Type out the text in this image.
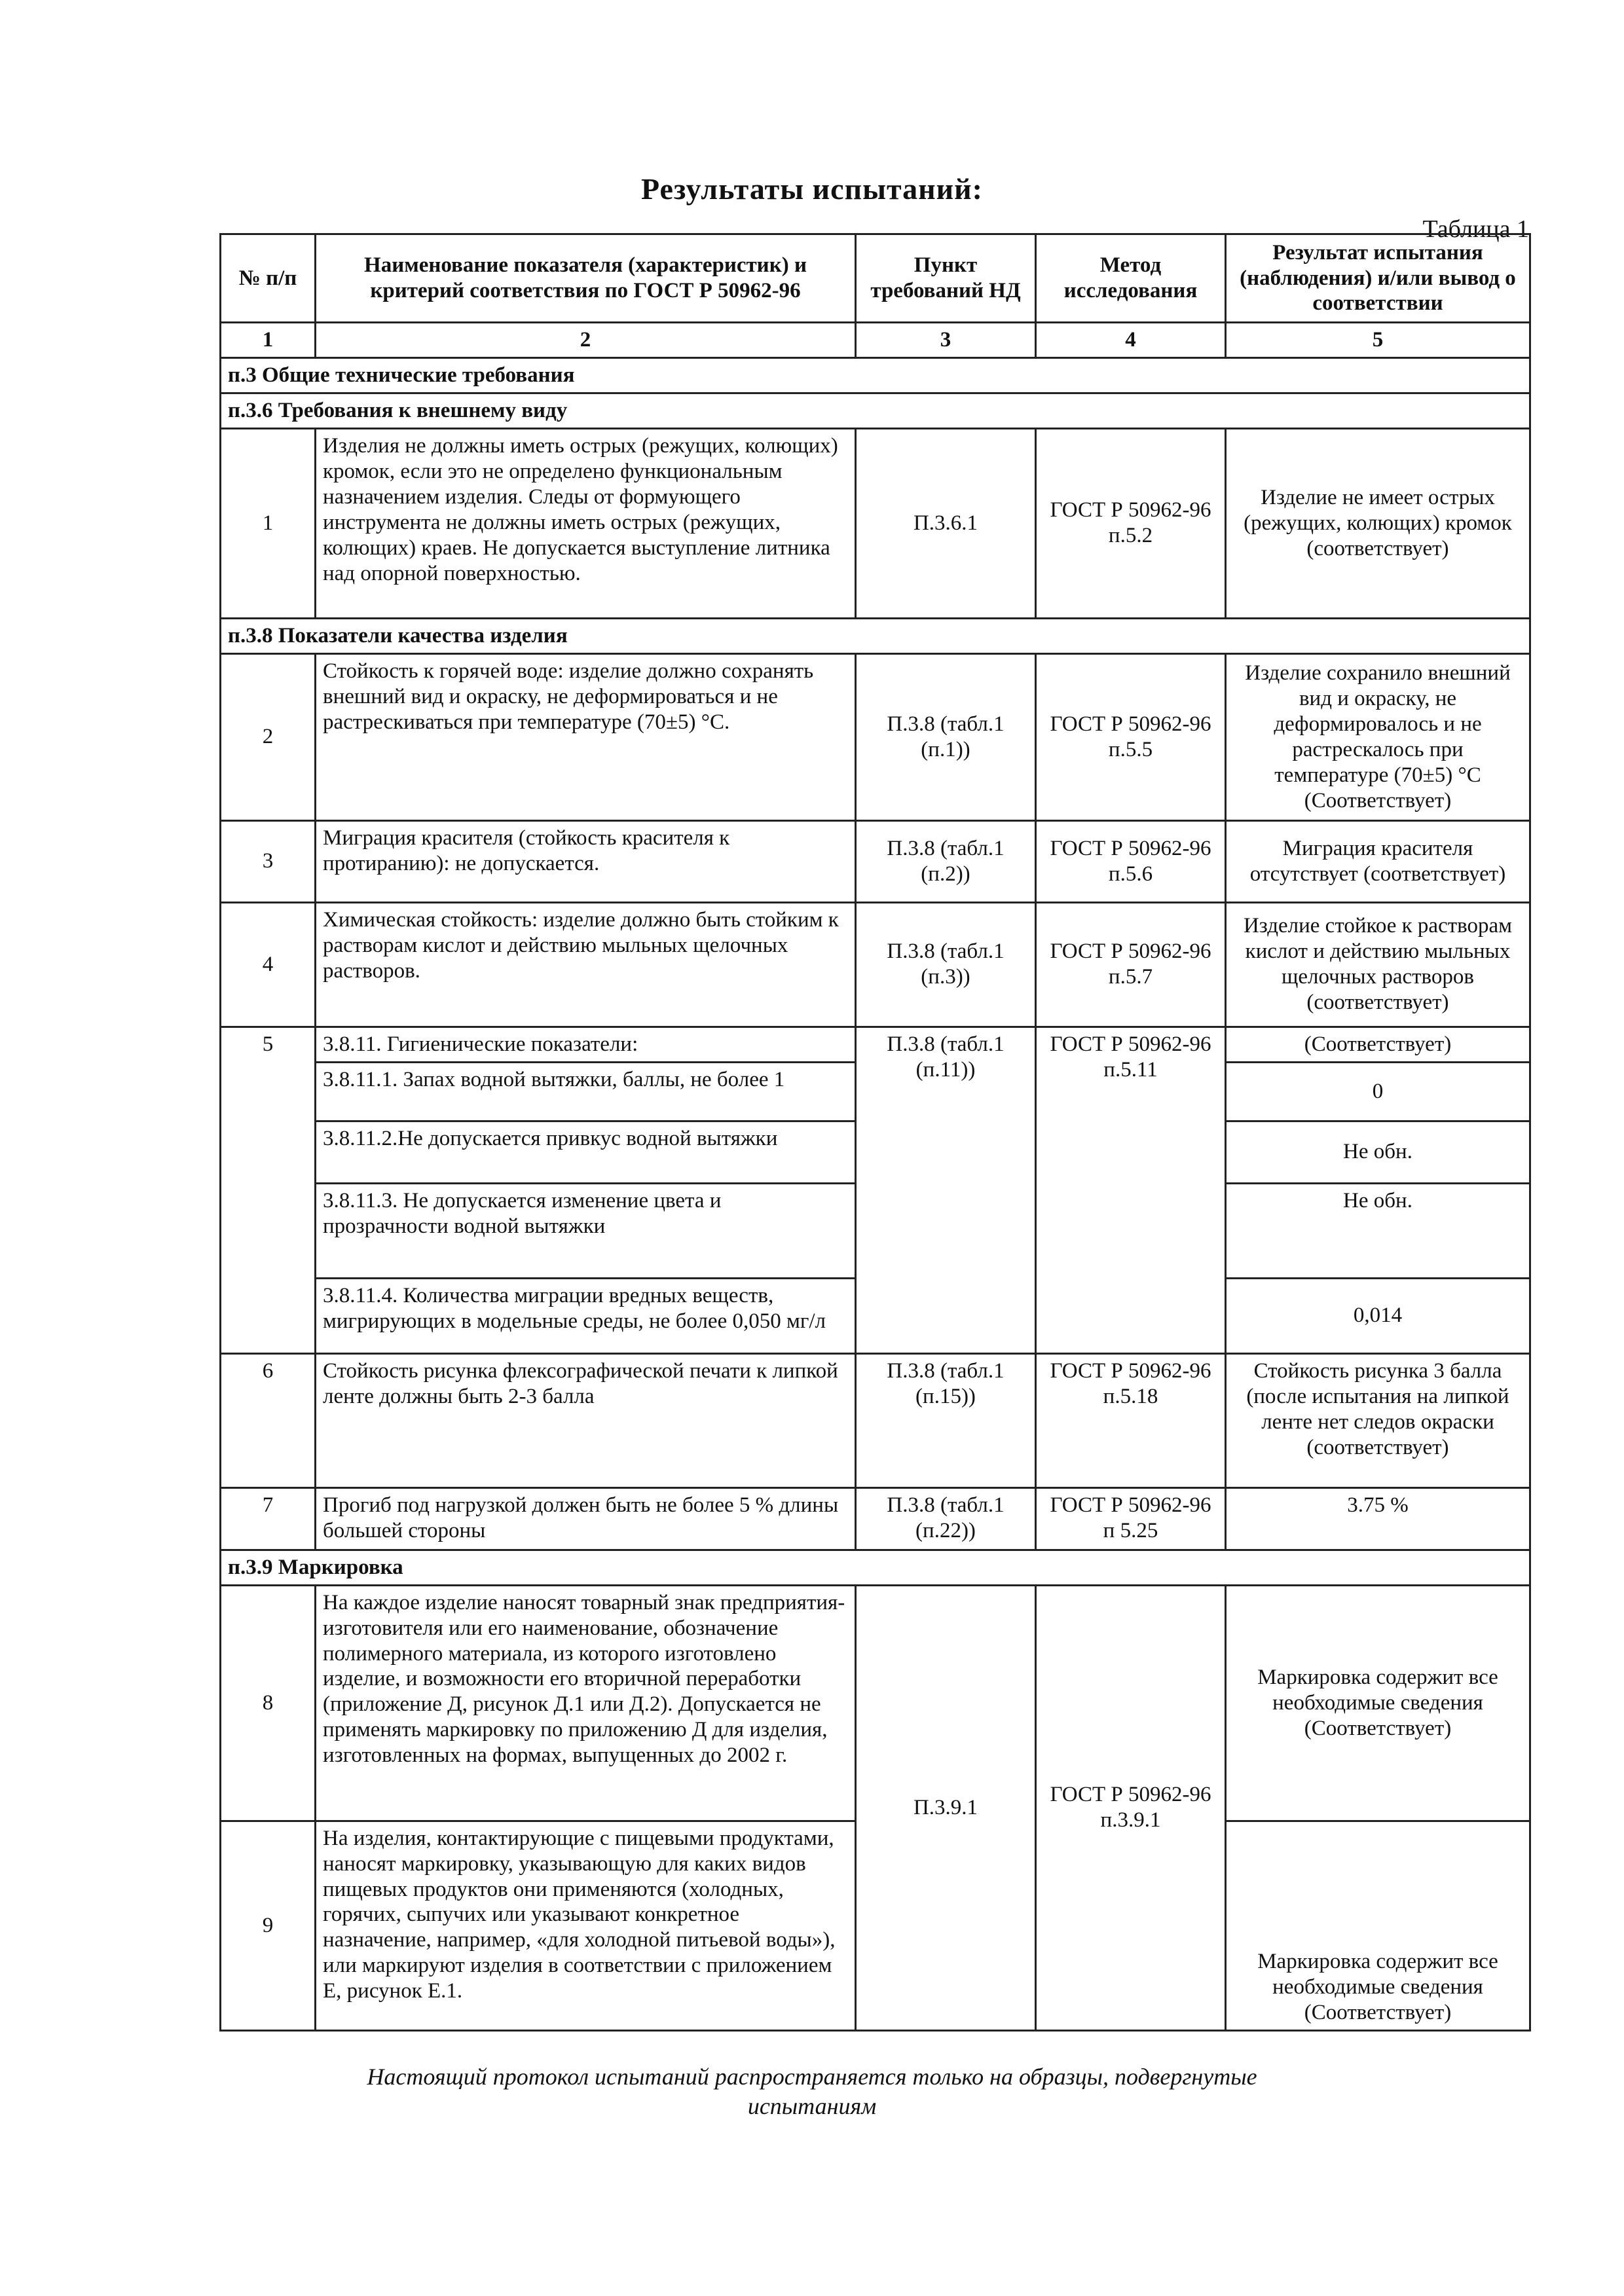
Результаты испытаний:
Таблица 1
№ п/п	Наименование показателя (характеристик) и критерий соответствия по ГОСТ Р 50962-96	Пункт требований НД	Метод исследования	Результат испытания (наблюдения) и/или вывод о соответствии
1	2	3	4	5
п.3 Общие технические требования				
п.3.6 Требования к внешнему виду				
1	Изделия не должны иметь острых (режущих, колющих) кромок, если это не определено функциональным назначением изделия. Следы от формующего инструмента не должны иметь острых (режущих, колющих) краев. Не допускается выступление литника над опорной поверхностью.	П.3.6.1	ГОСТ Р 50962-96 п.5.2	Изделие не имеет острых (режущих, колющих) кромок (соответствует)
п.3.8 Показатели качества изделия				
2	Стойкость к горячей воде: изделие должно сохранять внешний вид и окраску, не деформироваться и не растрескиваться при температуре (70±5) °С.	П.3.8 (табл.1 (п.1))	ГОСТ Р 50962-96 п.5.5	Изделие сохранило внешний вид и окраску, не деформировалось и не растрескалось при температуре (70±5) °С (Соответствует)
3	Миграция красителя (стойкость красителя к протиранию): не допускается.	П.3.8 (табл.1 (п.2))	ГОСТ Р 50962-96 п.5.6	Миграция красителя отсутствует (соответствует)
4	Химическая стойкость: изделие должно быть стойким к растворам кислот и действию мыльных щелочных растворов.	П.3.8 (табл.1 (п.3))	ГОСТ Р 50962-96 п.5.7	Изделие стойкое к растворам кислот и действию мыльных щелочных растворов (соответствует)
5	3.8.11. Гигиенические показатели:	П.3.8 (табл.1 (п.11))	ГОСТ Р 50962-96 п.5.11	(Соответствует)
	3.8.11.1. Запах водной вытяжки, баллы, не более 1			0
	3.8.11.2.Не допускается привкус водной вытяжки			Не обн.
	3.8.11.3. Не допускается изменение цвета и прозрачности водной вытяжки			Не обн.
	3.8.11.4. Количества миграции вредных веществ, мигрирующих в модельные среды, не более 0,050 мг/л			0,014
6	Стойкость рисунка флексографической печати к липкой ленте должны быть 2-3 балла	П.3.8 (табл.1 (п.15))	ГОСТ Р 50962-96 п.5.18	Стойкость рисунка 3 балла (после испытания на липкой ленте нет следов окраски (соответствует)
7	Прогиб под нагрузкой должен быть не более 5 % длины большей стороны	П.3.8 (табл.1 (п.22))	ГОСТ Р 50962-96 п 5.25	3.75 %
п.3.9 Маркировка				
8	На каждое изделие наносят товарный знак предприятия-изготовителя или его наименование, обозначение полимерного материала, из которого изготовлено изделие, и возможности его вторичной переработки (приложение Д, рисунок Д.1 или Д.2). Допускается не применять маркировку по приложению Д для изделия, изготовленных на формах, выпущенных до 2002 г.	П.3.9.1	ГОСТ Р 50962-96 п.3.9.1	Маркировка содержит все необходимые сведения (Соответствует)
9	На изделия, контактирующие с пищевыми продуктами, наносят маркировку, указывающую для каких видов пищевых продуктов они применяются (холодных, горячих, сыпучих или указывают конкретное назначение, например, «для холодной питьевой воды»), или маркируют изделия в соответствии с приложением Е, рисунок Е.1.			Маркировка содержит все необходимые сведения (Соответствует)
Настоящий протокол испытаний распространяется только на образцы, подвергнутые
испытаниям
